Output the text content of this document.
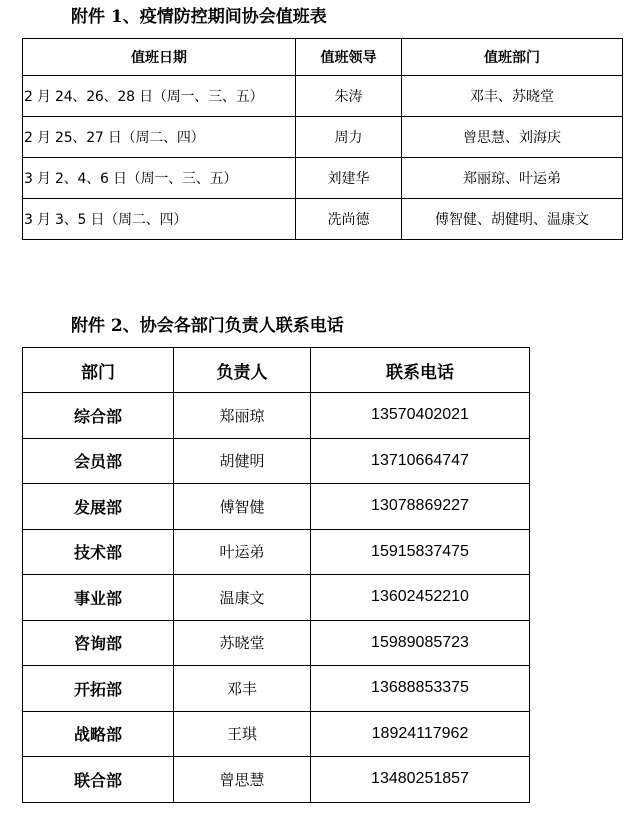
附件 1、疫情防控期间协会值班表
值班日期	值班领导	值班部门
2 月 24、26、28 日（周一、三、五）	朱涛	邓丰、苏晓堂
2 月 25、27 日（周二、四）	周力	曾思慧、刘海庆
3 月 2、4、6 日（周一、三、五）	刘建华	郑丽琼、叶运弟
3 月 3、5 日（周二、四）	冼尚德	傅智健、胡健明、温康文
附件 2、协会各部门负责人联系电话
部门	负责人	联系电话
综合部	郑丽琼	13570402021
会员部	胡健明	13710664747
发展部	傅智健	13078869227
技术部	叶运弟	15915837475
事业部	温康文	13602452210
咨询部	苏晓堂	15989085723
开拓部	邓丰	13688853375
战略部	王琪	18924117962
联合部	曾思慧	13480251857
